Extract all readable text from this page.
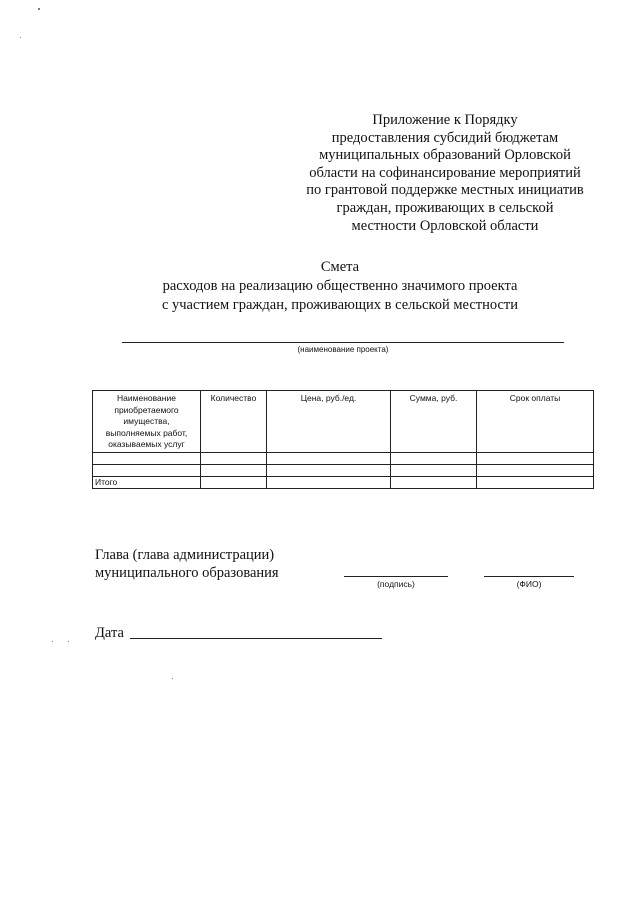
Приложение к Порядку
предоставления субсидий бюджетам
муниципальных образований Орловской
области на софинансирование мероприятий
по грантовой поддержке местных инициатив
граждан, проживающих в сельской
местности Орловской области
Смета
расходов на реализацию общественно значимого проекта
с участием граждан, проживающих в сельской местности
(наименование проекта)
Наименование приобретаемого имущества, выполняемых работ, оказываемых услуг	Количество	Цена, руб./ед.	Сумма, руб.	Срок оплаты

Итого				
Глава (глава администрации)
муниципального образования
(подпись)	(ФИО)
Дата
